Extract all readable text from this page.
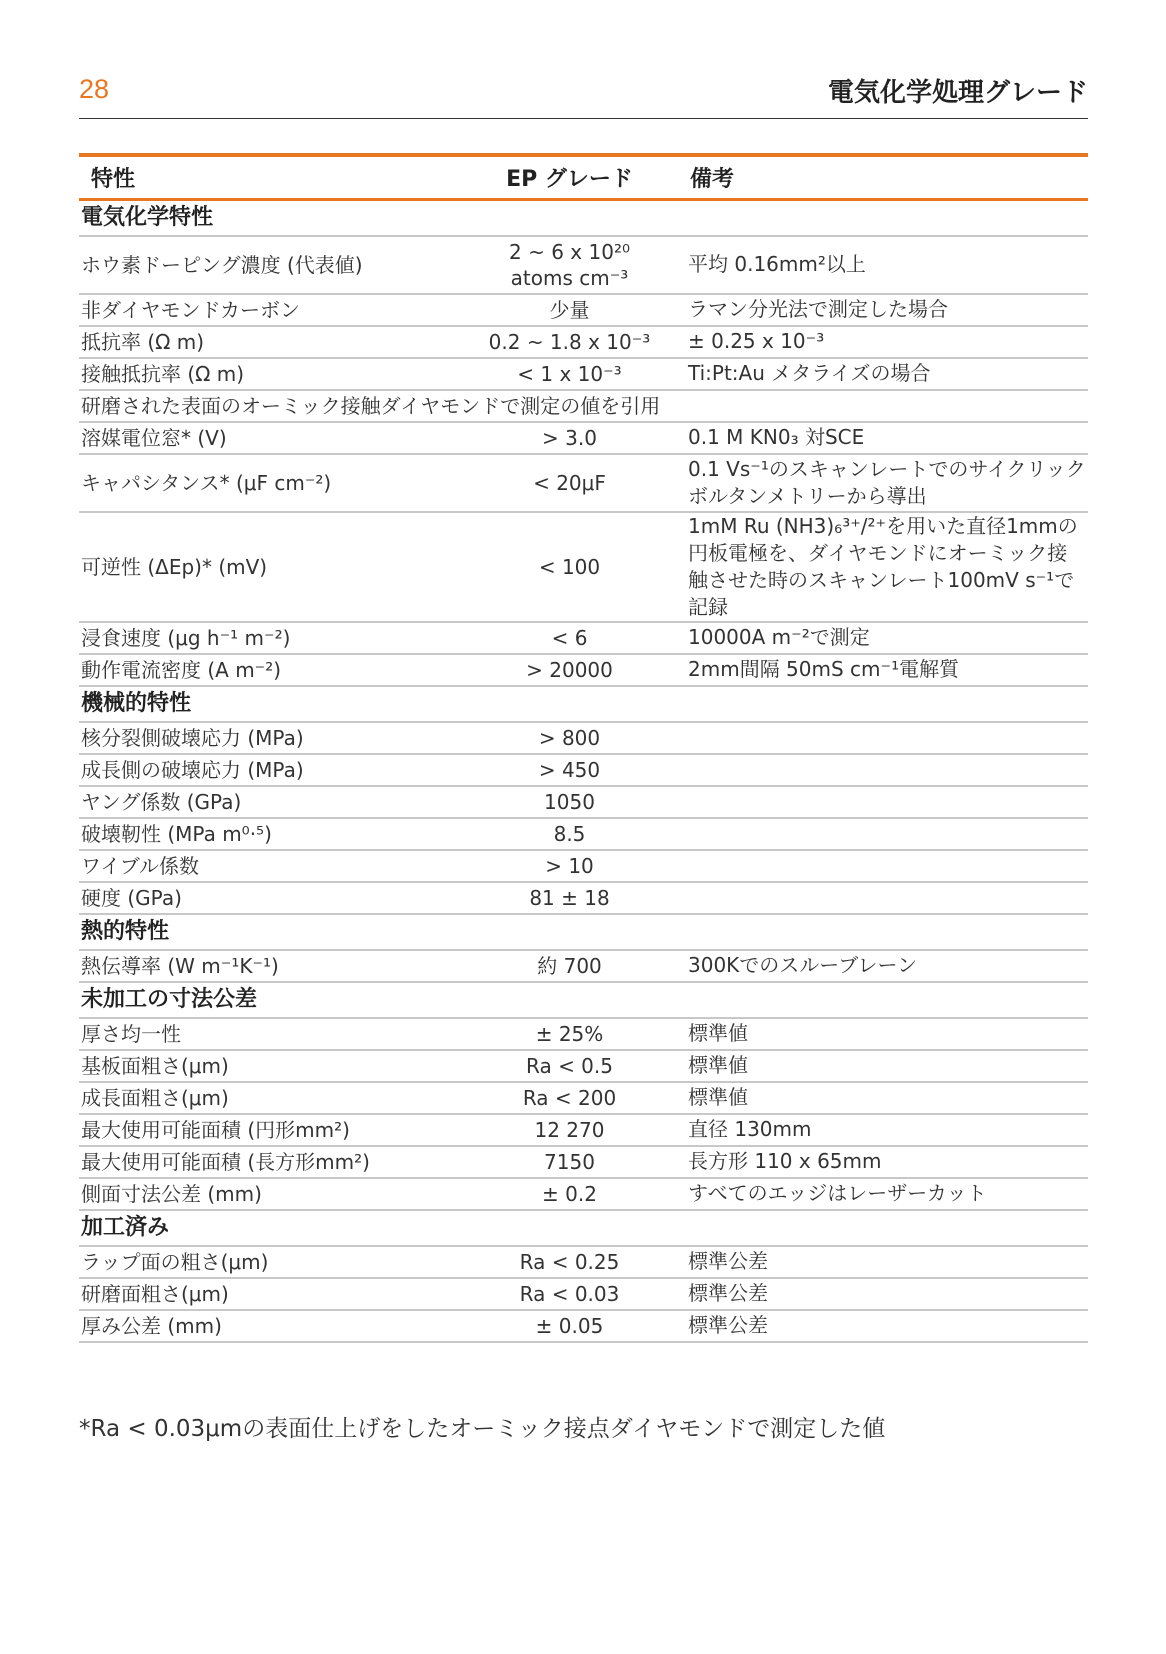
28	電気化学処理グレード
特性	EP グレード	備考
電気化学特性		
ホウ素ドーピング濃度 (代表値)	2 ~ 6 x 10²⁰ atoms cm⁻³	平均 0.16mm²以上
非ダイヤモンドカーボン	少量	ラマン分光法で測定した場合
抵抗率 (Ω m)	0.2 ~ 1.8 x 10⁻³	± 0.25 x 10⁻³
接触抵抗率 (Ω m)	< 1 x 10⁻³	Ti:Pt:Au メタライズの場合
研磨された表面のオーミック接触ダイヤモンドで測定の値を引用		
溶媒電位窓* (V)	> 3.0	0.1 M KN0₃ 対SCE
キャパシタンス* (μF cm⁻²)	< 20μF	0.1 Vs⁻¹のスキャンレートでのサイクリックボルタンメトリーから導出
可逆性 (ΔEp)* (mV)	< 100	1mM Ru (NH3)₆³⁺/²⁺を用いた直径1mmの円板電極を、ダイヤモンドにオーミック接触させた時のスキャンレート100mV s⁻¹で記録
浸食速度 (μg h⁻¹ m⁻²)	< 6	10000A m⁻²で測定
動作電流密度 (A m⁻²)	> 20000	2mm間隔 50mS cm⁻¹電解質
機械的特性		
核分裂側破壊応力 (MPa)	> 800	
成長側の破壊応力 (MPa)	> 450	
ヤング係数 (GPa)	1050	
破壊靭性 (MPa m⁰·⁵)	8.5	
ワイブル係数	> 10	
硬度 (GPa)	81 ± 18	
熱的特性		
熱伝導率 (W m⁻¹K⁻¹)	約 700	300Kでのスルーブレーン
未加工の寸法公差		
厚さ均一性	± 25%	標準値
基板面粗さ(μm)	Ra < 0.5	標準値
成長面粗さ(μm)	Ra < 200	標準値
最大使用可能面積 (円形mm²)	12 270	直径 130mm
最大使用可能面積 (長方形mm²)	7150	長方形 110 x 65mm
側面寸法公差 (mm)	± 0.2	すべてのエッジはレーザーカット
加工済み		
ラップ面の粗さ(μm)	Ra < 0.25	標準公差
研磨面粗さ(μm)	Ra < 0.03	標準公差
厚み公差 (mm)	± 0.05	標準公差
*Ra < 0.03μmの表面仕上げをしたオーミック接点ダイヤモンドで測定した値
